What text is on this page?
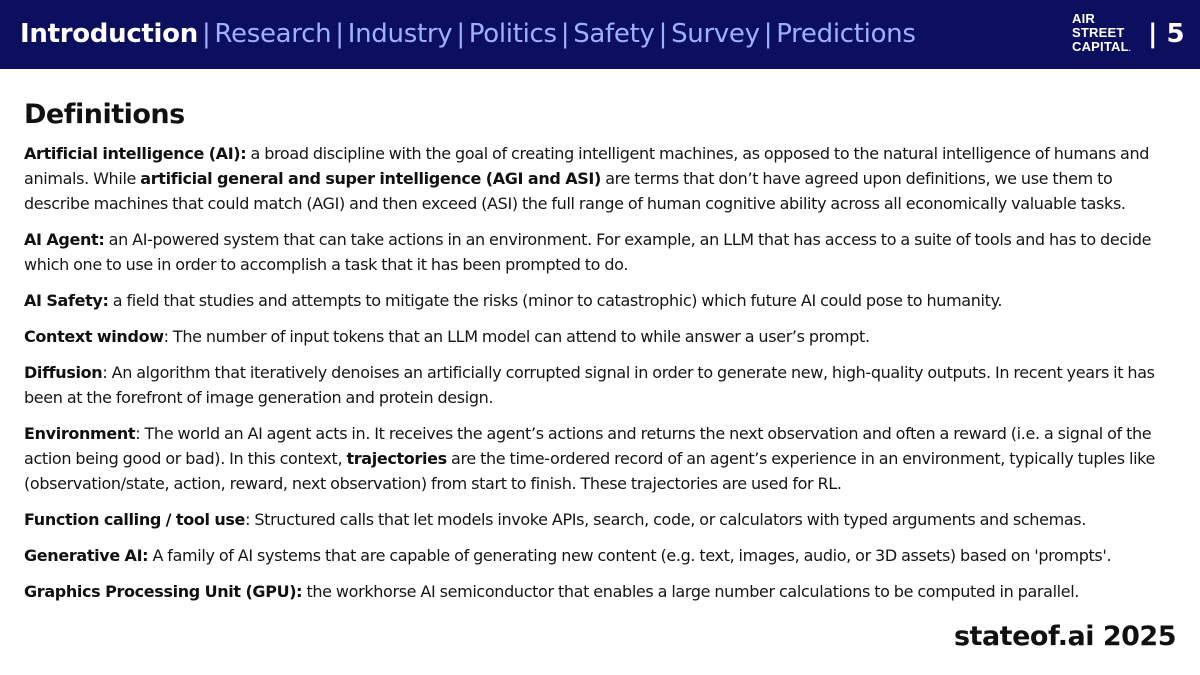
Introduction | Research | Industry | Politics | Safety | Survey | Predictions
AIR
STREET
CAPITAL.
| 5
Definitions

Artificial intelligence (AI): a broad discipline with the goal of creating intelligent machines, as opposed to the natural intelligence of humans and animals. While artificial general and super intelligence (AGI and ASI) are terms that don’t have agreed upon definitions, we use them to describe machines that could match (AGI) and then exceed (ASI) the full range of human cognitive ability across all economically valuable tasks.

AI Agent: an AI-powered system that can take actions in an environment. For example, an LLM that has access to a suite of tools and has to decide which one to use in order to accomplish a task that it has been prompted to do.

AI Safety: a field that studies and attempts to mitigate the risks (minor to catastrophic) which future AI could pose to humanity.

Context window: The number of input tokens that an LLM model can attend to while answer a user’s prompt.

Diffusion: An algorithm that iteratively denoises an artificially corrupted signal in order to generate new, high-quality outputs. In recent years it has been at the forefront of image generation and protein design.

Environment: The world an AI agent acts in. It receives the agent’s actions and returns the next observation and often a reward (i.e. a signal of the action being good or bad). In this context, trajectories are the time-ordered record of an agent’s experience in an environment, typically tuples like (observation/state, action, reward, next observation) from start to finish. These trajectories are used for RL.

Function calling / tool use: Structured calls that let models invoke APIs, search, code, or calculators with typed arguments and schemas.

Generative AI: A family of AI systems that are capable of generating new content (e.g. text, images, audio, or 3D assets) based on 'prompts'.

Graphics Processing Unit (GPU): the workhorse AI semiconductor that enables a large number calculations to be computed in parallel.

stateof.ai 2025
